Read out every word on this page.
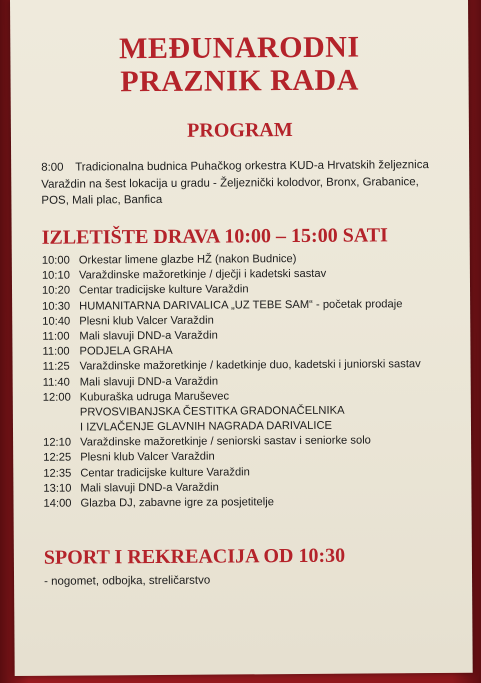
MEĐUNARODNI
PRAZNIK RADA
PROGRAM
8:00 Tradicionalna budnica Puhačkog orkestra KUD-a Hrvatskih željeznica
Varaždin na šest lokacija u gradu - Željeznički kolodvor, Bronx, Grabanice,
POS, Mali plac, Banfica
IZLETIŠTE DRAVA 10:00 – 15:00 SATI
10:00 Orkestar limene glazbe HŽ (nakon Budnice)
10:10 Varaždinske mažoretkinje / dječji i kadetski sastav
10:20 Centar tradicijske kulture Varaždin
10:30 HUMANITARNA DARIVALICA „UZ TEBE SAM“ - početak prodaje
10:40 Plesni klub Valcer Varaždin
11:00 Mali slavuji DND-a Varaždin
11:00 PODJELA GRAHA
11:25 Varaždinske mažoretkinje / kadetkinje duo, kadetski i juniorski sastav
11:40 Mali slavuji DND-a Varaždin
12:00 Kuburaška udruga Maruševec
PRVOSVIBANJSKA ČESTITKA GRADONAČELNIKA
I IZVLAČENJE GLAVNIH NAGRADA DARIVALICE
12:10 Varaždinske mažoretkinje / seniorski sastav i seniorke solo
12:25 Plesni klub Valcer Varaždin
12:35 Centar tradicijske kulture Varaždin
13:10 Mali slavuji DND-a Varaždin
14:00 Glazba DJ, zabavne igre za posjetitelje
SPORT I REKREACIJA OD 10:30

- nogomet, odbojka, streličarstvo
